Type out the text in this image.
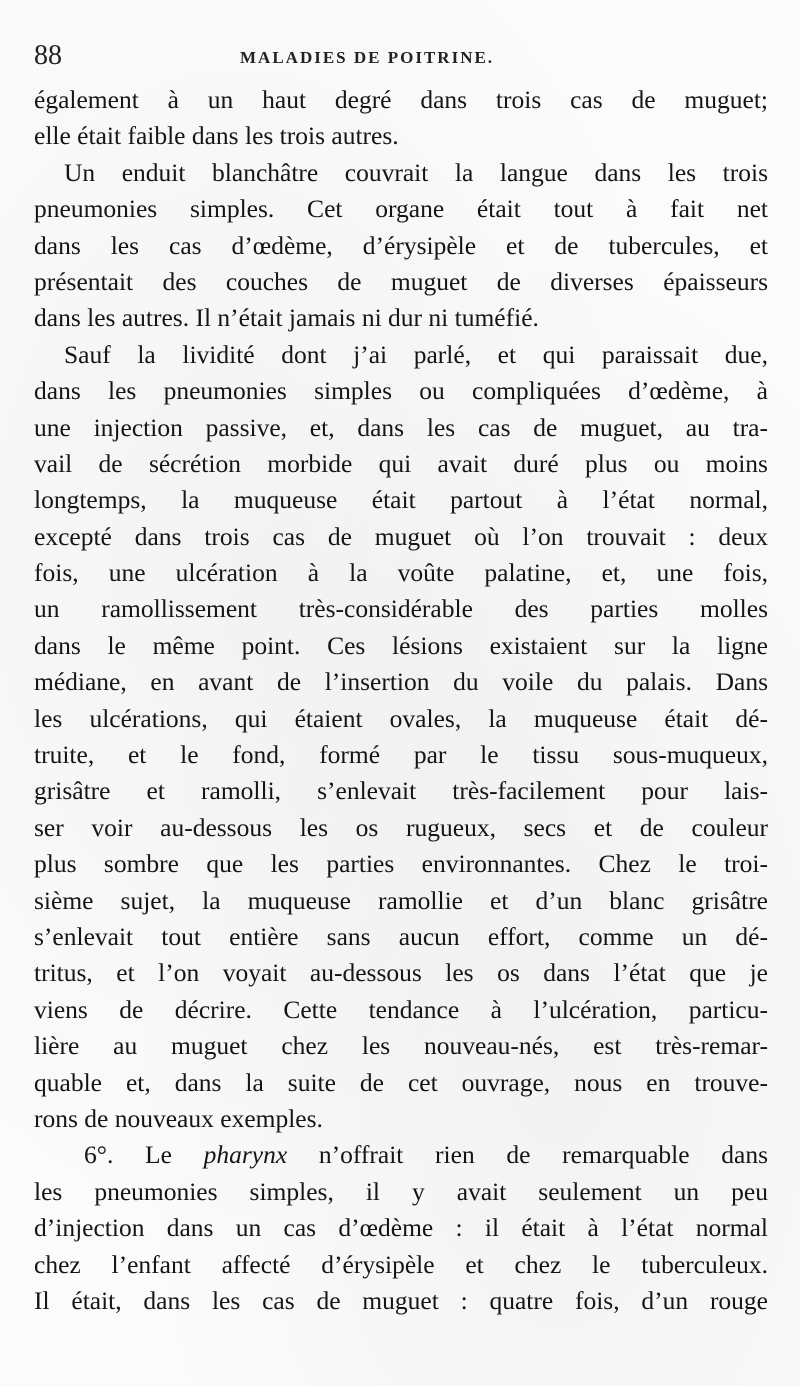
88	MALADIES DE POITRINE.
également à un haut degré dans trois cas de muguet;
elle était faible dans les trois autres.
Un enduit blanchâtre couvrait la langue dans les trois
pneumonies simples. Cet organe était tout à fait net
dans les cas d’œdème, d’érysipèle et de tubercules, et
présentait des couches de muguet de diverses épaisseurs
dans les autres. Il n’était jamais ni dur ni tuméfié.
Sauf la lividité dont j’ai parlé, et qui paraissait due,
dans les pneumonies simples ou compliquées d’œdème, à
une injection passive, et, dans les cas de muguet, au tra-
vail de sécrétion morbide qui avait duré plus ou moins
longtemps, la muqueuse était partout à l’état normal,
excepté dans trois cas de muguet où l’on trouvait : deux
fois, une ulcération à la voûte palatine, et, une fois,
un ramollissement très-considérable des parties molles
dans le même point. Ces lésions existaient sur la ligne
médiane, en avant de l’insertion du voile du palais. Dans
les ulcérations, qui étaient ovales, la muqueuse était dé-
truite, et le fond, formé par le tissu sous-muqueux,
grisâtre et ramolli, s’enlevait très-facilement pour lais-
ser voir au-dessous les os rugueux, secs et de couleur
plus sombre que les parties environnantes. Chez le troi-
sième sujet, la muqueuse ramollie et d’un blanc grisâtre
s’enlevait tout entière sans aucun effort, comme un dé-
tritus, et l’on voyait au-dessous les os dans l’état que je
viens de décrire. Cette tendance à l’ulcération, particu-
lière au muguet chez les nouveau-nés, est très-remar-
quable et, dans la suite de cet ouvrage, nous en trouve-
rons de nouveaux exemples.
6°. Le pharynx n’offrait rien de remarquable dans
les pneumonies simples, il y avait seulement un peu
d’injection dans un cas d’œdème : il était à l’état normal
chez l’enfant affecté d’érysipèle et chez le tuberculeux.
Il était, dans les cas de muguet : quatre fois, d’un rouge
